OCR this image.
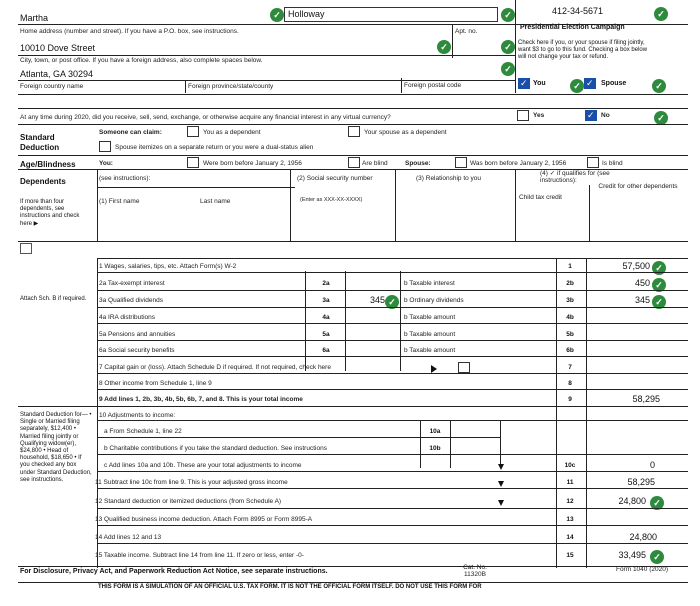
Martha	✓ Holloway	✓	412-34-5671	✓
Home address (number and street). If you have a P.O. box, see instructions.	Apt. no.
Presidential Election Campaign
Check here if you, or your spouse if filing jointly, want $3 to go to this fund. Checking a box below will not change your tax or refund.
10010 Dove Street	✓	✓
City, town, or post office. If you have a foreign address, also complete spaces below.
✓
Atlanta, GA 30294
Foreign country name	Foreign province/state/county	Foreign postal code ✓	You	✓ ✓	Spouse	✓
At any time during 2020, did you receive, sell, send, exchange, or otherwise acquire any financial interest in any virtual currency?	Yes ✓	No	✓
Standard Deduction
Someone can claim:	You as a dependent	Your spouse as a dependent
Spouse itemizes on a separate return or you were a dual-status alien
Age/Blindness	You:	Were born before January 2, 1956	Are blind	Spouse:	Was born before January 2, 1956	Is blind
Dependents	(see instructions):	(2) Social security number	(3) Relationship to you
(4) ✓ if qualifies for (see instructions):
(1) First name	Last name	(Enter as XXX-XX-XXXX)	Child tax credit
Credit for other dependents
If more than four dependents, see instructions and check here ▶
1 Wages, salaries, tips, etc. Attach Form(s) W-2	1	57,500 ✓
Attach Sch. B if required.
2a Tax-exempt interest	2a	b Taxable interest	2b	450 ✓
3a Qualified dividends	3a	345 ✓	b Ordinary dividends	3b	345 ✓
4a IRA distributions	4a	b Taxable amount	4b
5a Pensions and annuities	5a	b Taxable amount	5b
6a Social security benefits	6a	b Taxable amount	6b
7 Capital gain or (loss). Attach Schedule D if required. If not required, check here	7
8 Other income from Schedule 1, line 9	8
9 Add lines 1, 2b, 3b, 4b, 5b, 6b, 7, and 8. This is your total income	9	58,295
Standard Deduction for— • Single or Married filing separately, $12,400 • Married filing jointly or Qualifying widow(er), $24,800 • Head of household, $18,650 • If you checked any box under Standard Deduction, see instructions.
10 Adjustments to income:
a From Schedule 1, line 22	10a
b Charitable contributions if you take the standard deduction. See instructions	10b
c Add lines 10a and 10b. These are your total adjustments to income	10c	0
11 Subtract line 10c from line 9. This is your adjusted gross income	11	58,295
12 Standard deduction or itemized deductions (from Schedule A)	12	24,800 ✓
13 Qualified business income deduction. Attach Form 8995 or Form 8995-A	13
14 Add lines 12 and 13	14	24,800
15 Taxable income. Subtract line 14 from line 11. If zero or less, enter -0-	15	33,495 ✓
For Disclosure, Privacy Act, and Paperwork Reduction Act Notice, see separate instructions.
Cat. No. 11320B
Form 1040 (2020)
THIS FORM IS A SIMULATION OF AN OFFICIAL U.S. TAX FORM. IT IS NOT THE OFFICIAL FORM ITSELF. DO NOT USE THIS FORM FOR
